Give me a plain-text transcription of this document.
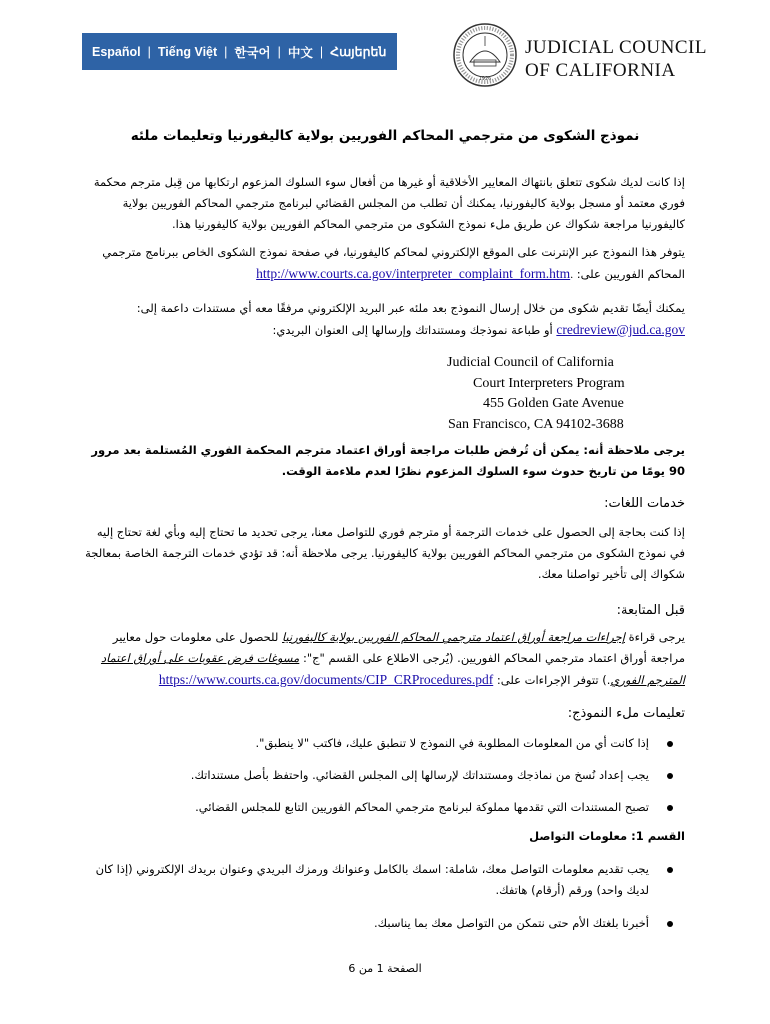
Español | Tiếng Việt | 한국어 | 中文 | Հայերեն
1926
JUDICIAL COUNCIL
OF CALIFORNIA
نموذج الشكوى من مترجمي المحاكم الفوريين بولاية كاليفورنيا وتعليمات ملئه
إذا كانت لديك شكوى تتعلق بانتهاك المعايير الأخلاقية أو غيرها من أفعال سوء السلوك المزعوم ارتكابها من قِبل مترجم محكمة فوري معتمد أو مسجل بولاية كاليفورنيا، يمكنك أن تطلب من المجلس القضائي لبرنامج مترجمي المحاكم الفوريين بولاية كاليفورنيا مراجعة شكواك عن طريق ملء نموذج الشكوى من مترجمي المحاكم الفوريين بولاية كاليفورنيا هذا.
يتوفر هذا النموذج عبر الإنترنت على الموقع الإلكتروني لمحاكم كاليفورنيا، في صفحة نموذج الشكوى الخاص ببرنامج مترجمي المحاكم الفوريين على: http://www.courts.ca.gov/interpreter_complaint_form.htm.
يمكنك أيضًا تقديم شكوى من خلال إرسال النموذج بعد ملئه عبر البريد الإلكتروني مرفقًا معه أي مستندات داعمة إلى:
credreview@jud.ca.gov أو طباعة نموذجك ومستنداتك وإرسالها إلى العنوان البريدي:
Judicial Council of California
Court Interpreters Program
455 Golden Gate Avenue
San Francisco, CA 94102-3688
يرجى ملاحظة أنه: يمكن أن تُرفض طلبات مراجعة أوراق اعتماد مترجم المحكمة الفوري المُستلمة بعد مرور 90 يومًا من تاريخ حدوث سوء السلوك المزعوم نظرًا لعدم ملاءمة الوقت.
خدمات اللغات:
إذا كنت بحاجة إلى الحصول على خدمات الترجمة أو مترجم فوري للتواصل معنا، يرجى تحديد ما تحتاج إليه وبأي لغة تحتاج إليه في نموذج الشكوى من مترجمي المحاكم الفوريين بولاية كاليفورنيا. يرجى ملاحظة أنه: قد تؤدي خدمات الترجمة الخاصة بمعالجة شكواك إلى تأخير تواصلنا معك.
قبل المتابعة:
يرجى قراءة إجراءات مراجعة أوراق اعتماد مترجمي المحاكم الفوريين بولاية كاليفورنيا للحصول على معلومات حول معايير مراجعة أوراق اعتماد مترجمي المحاكم الفوريين. (يُرجى الاطلاع على القسم "ج": مسوغات فرض عقوبات على أوراق اعتماد المترجم الفوري.) تتوفر الإجراءات على: https://www.courts.ca.gov/documents/CIP_CRProcedures.pdf
تعليمات ملء النموذج:
إذا كانت أي من المعلومات المطلوبة في النموذج لا تنطبق عليك، فاكتب "لا ينطبق".
يجب إعداد نُسخ من نماذجك ومستنداتك لإرسالها إلى المجلس القضائي. واحتفظ بأصل مستنداتك.
تصبح المستندات التي تقدمها مملوكة لبرنامج مترجمي المحاكم الفوريين التابع للمجلس القضائي.
القسم 1: معلومات التواصل
يجب تقديم معلومات التواصل معك، شاملة: اسمك بالكامل وعنوانك ورمزك البريدي وعنوان بريدك الإلكتروني (إذا كان لديك واحد) ورقم (أرقام) هاتفك.
أخبرنا بلغتك الأم حتى نتمكن من التواصل معك بما يناسبك.
الصفحة 1 من 6
